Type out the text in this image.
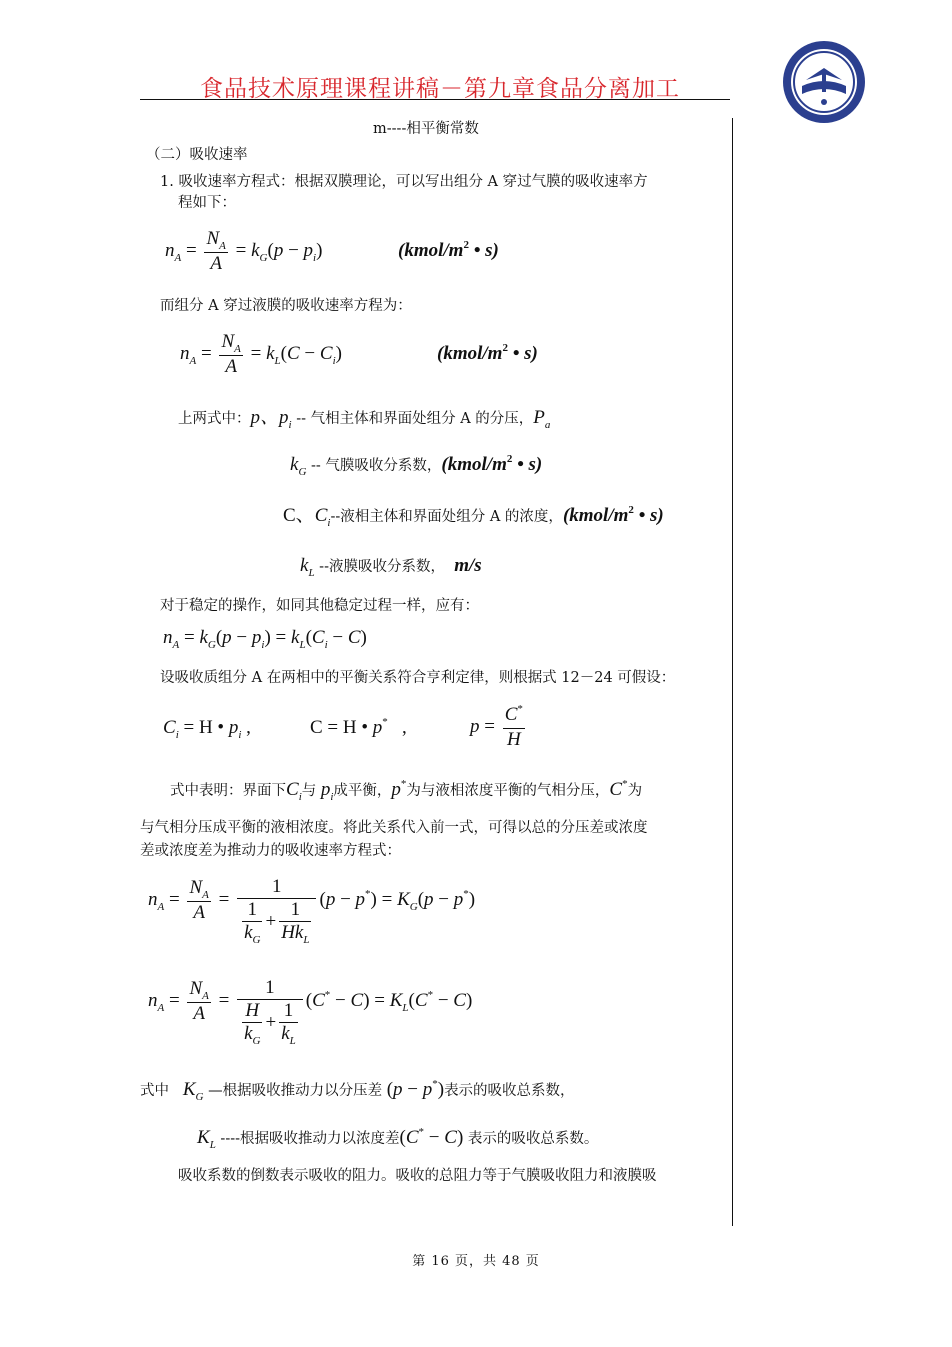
食品技术原理课程讲稿－第九章食品分离加工
m----相平衡常数
（二）吸收速率
1. 吸收速率方程式：根据双膜理论，可以写出组分 A 穿过气膜的吸收速率方
程如下：
$n_A = \frac{N_A}{A} = k_G(p - p_i)$	($kmol/m^2$ • s)
而组分 A 穿过液膜的吸收速率方程为：
$n_A = \frac{N_A}{A} = k_L(C - C_i)$	($kmol/m^2$ • s)
上两式中：p、$p_i$ -- 气相主体和界面处组分 A 的分压，$P_a$
$k_G$ -- 气膜吸收分系数，($kmol/m^2$ • s)
C、$C_i--$液相主体和界面处组分 A 的浓度，($kmol/m^2$ • s)
$k_L$ --液膜吸收分系数， m/s
对于稳定的操作，如同其他稳定过程一样，应有：
$n_A = k_G(p - p_i) = k_L(C_i - C)$
设吸收质组分 A 在两相中的平衡关系符合亨利定律，则根据式 12－24 可假设：
$C_i = H$ • $p_i$ ,	C = H • p*   ,	$p = \frac{C^*}{H}$
式中表明：界面下$C_i$与 $p_i$成平衡，p*为与液相浓度平衡的气相分压，C*为
与气相分压成平衡的液相浓度。将此关系代入前一式，可得以总的分压差或浓度
差或浓度差为推动力的吸收速率方程式：
$n_A = \frac{N_A}{A} = \frac{1}{\frac{1}{k_G} + \frac{1}{Hk_L}} (p - p^*) = K_G(p - p^*)$
$n_A = \frac{N_A}{A} = \frac{1}{\frac{H}{k_G} + \frac{1}{k_L}} (C^* - C) = K_L(C^* - C)$
式中 $K_G$ —根据吸收推动力以分压差 (p − p*)表示的吸收总系数，
$K_L$ ----根据吸收推动力以浓度差(C* − C) 表示的吸收总系数。
吸收系数的倒数表示吸收的阻力。吸收的总阻力等于气膜吸收阻力和液膜吸
第 16 页，共 48 页
